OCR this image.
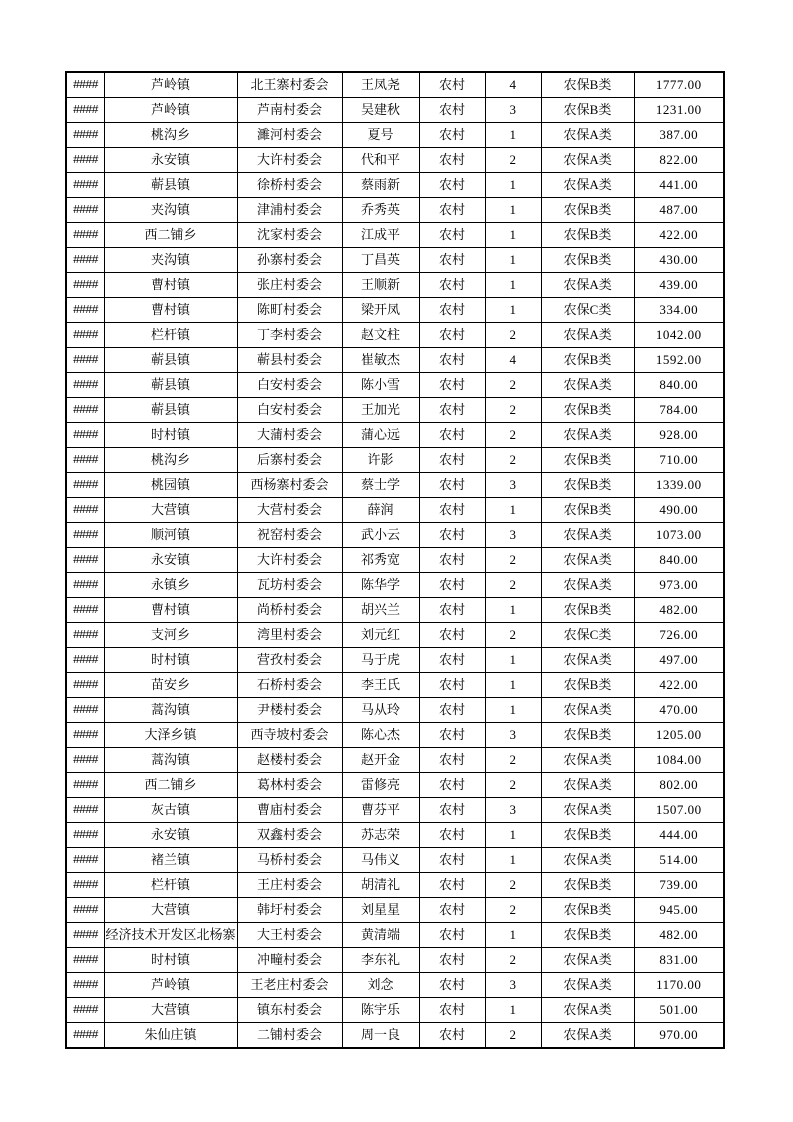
####	芦岭镇	北王寨村委会	王凤尧	农村	4	农保B类	1777.00
####	芦岭镇	芦南村委会	吴建秋	农村	3	农保B类	1231.00
####	桃沟乡	濉河村委会	夏号	农村	1	农保A类	387.00
####	永安镇	大许村委会	代和平	农村	2	农保A类	822.00
####	蕲县镇	徐桥村委会	蔡雨新	农村	1	农保A类	441.00
####	夹沟镇	津浦村委会	乔秀英	农村	1	农保B类	487.00
####	西二铺乡	沈家村委会	江成平	农村	1	农保B类	422.00
####	夹沟镇	孙寨村委会	丁昌英	农村	1	农保B类	430.00
####	曹村镇	张庄村委会	王顺新	农村	1	农保A类	439.00
####	曹村镇	陈町村委会	梁开凤	农村	1	农保C类	334.00
####	栏杆镇	丁李村委会	赵文柱	农村	2	农保A类	1042.00
####	蕲县镇	蕲县村委会	崔敏杰	农村	4	农保B类	1592.00
####	蕲县镇	白安村委会	陈小雪	农村	2	农保A类	840.00
####	蕲县镇	白安村委会	王加光	农村	2	农保B类	784.00
####	时村镇	大蒲村委会	蒲心远	农村	2	农保A类	928.00
####	桃沟乡	后寨村委会	许影	农村	2	农保B类	710.00
####	桃园镇	西杨寨村委会	蔡士学	农村	3	农保B类	1339.00
####	大营镇	大营村委会	薛润	农村	1	农保B类	490.00
####	顺河镇	祝窑村委会	武小云	农村	3	农保A类	1073.00
####	永安镇	大许村委会	祁秀宽	农村	2	农保A类	840.00
####	永镇乡	瓦坊村委会	陈华学	农村	2	农保A类	973.00
####	曹村镇	尚桥村委会	胡兴兰	农村	1	农保B类	482.00
####	支河乡	湾里村委会	刘元红	农村	2	农保C类	726.00
####	时村镇	营孜村委会	马于虎	农村	1	农保A类	497.00
####	苗安乡	石桥村委会	李王氏	农村	1	农保B类	422.00
####	蒿沟镇	尹楼村委会	马从玲	农村	1	农保A类	470.00
####	大泽乡镇	西寺坡村委会	陈心杰	农村	3	农保B类	1205.00
####	蒿沟镇	赵楼村委会	赵开金	农村	2	农保A类	1084.00
####	西二铺乡	葛林村委会	雷修亮	农村	2	农保A类	802.00
####	灰古镇	曹庙村委会	曹芬平	农村	3	农保A类	1507.00
####	永安镇	双鑫村委会	苏志荣	农村	1	农保B类	444.00
####	褚兰镇	马桥村委会	马伟义	农村	1	农保A类	514.00
####	栏杆镇	王庄村委会	胡清礼	农村	2	农保B类	739.00
####	大营镇	韩圩村委会	刘星星	农村	2	农保B类	945.00
####	经济技术开发区北杨寨	大王村委会	黄清端	农村	1	农保B类	482.00
####	时村镇	冲疃村委会	李东礼	农村	2	农保A类	831.00
####	芦岭镇	王老庄村委会	刘念	农村	3	农保A类	1170.00
####	大营镇	镇东村委会	陈宇乐	农村	1	农保A类	501.00
####	朱仙庄镇	二铺村委会	周一良	农村	2	农保A类	970.00
